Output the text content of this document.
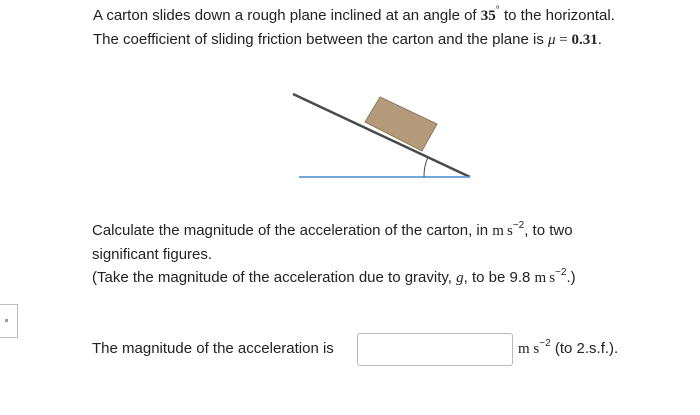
A carton slides down a rough plane inclined at an angle of 35° to the horizontal.
The coefficient of sliding friction between the carton and the plane is μ = 0.31.
Calculate the magnitude of the acceleration of the carton, in m  $s^{-2}$, to two
significant figures.
(Take the magnitude of the acceleration due to gravity, g, to be 9.8 m  $s^{-2}$.)
The magnitude of the acceleration is	m $s^{-2}$ (to 2.s.f.).
